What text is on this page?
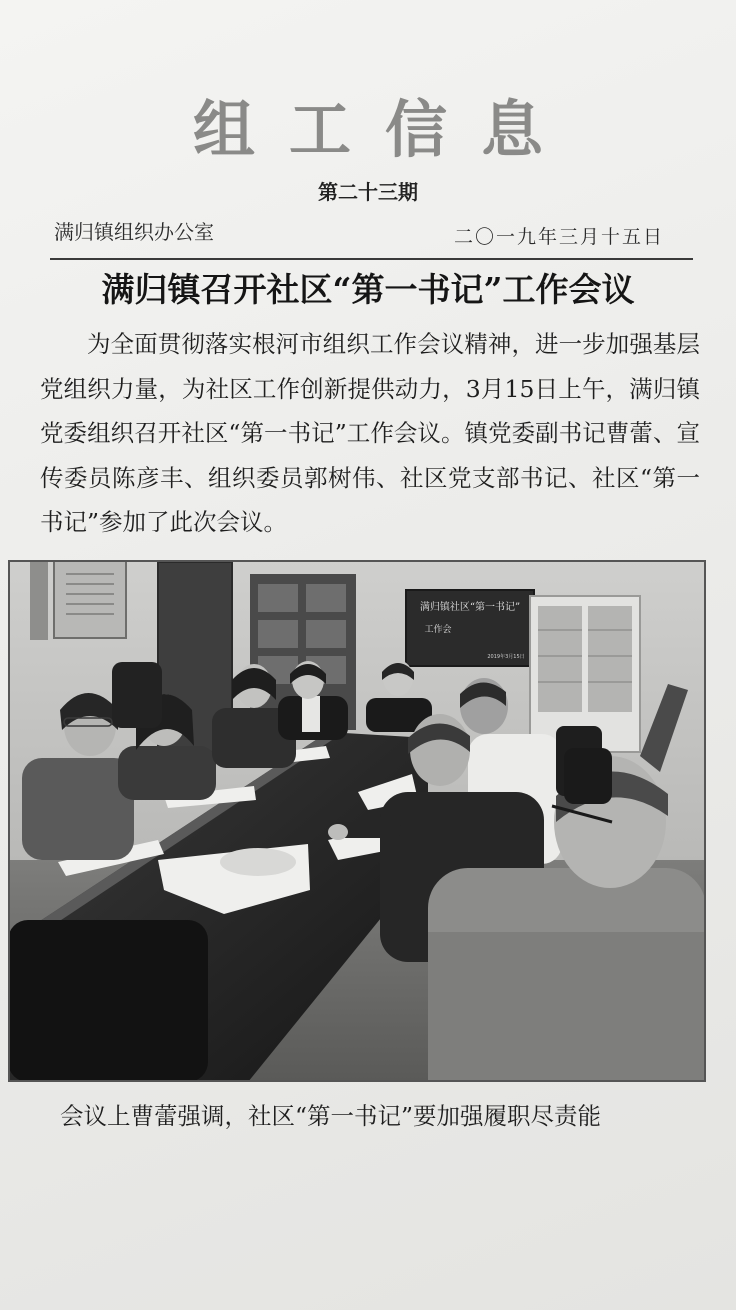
组工信息
第二十三期
满归镇组织办公室	二〇一九年三月十五日
满归镇召开社区“第一书记”工作会议

为全面贯彻落实根河市组织工作会议精神，进一步加强基层党组织力量，为社区工作创新提供动力，3月15日上午，满归镇党委组织召开社区“第一书记”工作会议。镇党委副书记曹蕾、宣传委员陈彦丰、组织委员郭树伟、社区党支部书记、社区“第一书记”参加了此次会议。

满归镇社区“第一书记”
工作会
2019年3月15日

会议上曹蕾强调，社区“第一书记”要加强履职尽责能
